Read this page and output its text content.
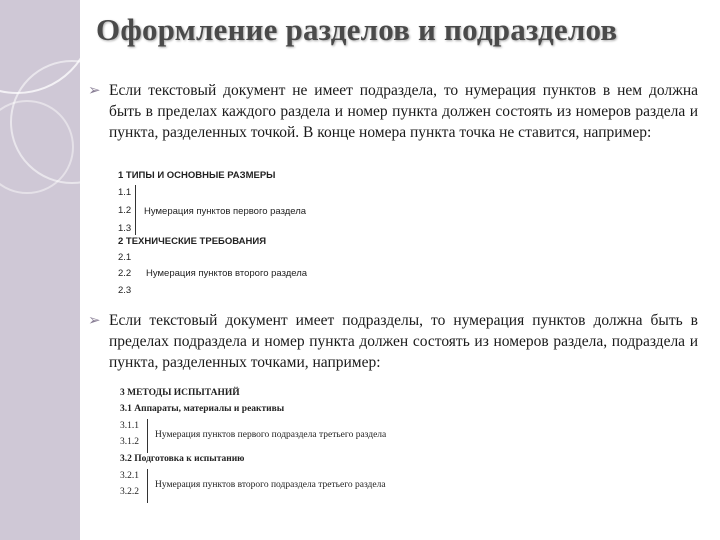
Оформление разделов и подразделов
➢ Если текстовый документ не имеет подраздела, то нумерация пунктов в нем должна быть в пределах каждого раздела и номер пункта должен состоять из номеров раздела и пункта, разделенных точкой. В конце номера пункта точка не ставится, например:
1 ТИПЫ И ОСНОВНЫЕ РАЗМЕРЫ
1.1
1.2
1.3
Нумерация пунктов первого раздела
2 ТЕХНИЧЕСКИЕ ТРЕБОВАНИЯ
2.1
2.2
2.3
Нумерация пунктов второго раздела
➢ Если текстовый документ имеет подразделы, то нумерация пунктов должна быть в пределах подраздела и номер пункта должен состоять из номеров раздела, подраздела и пункта, разделенных точками, например:
3 МЕТОДЫ ИСПЫТАНИЙ
3.1 Аппараты, материалы и реактивы
3.1.1
3.1.2
Нумерация пунктов первого подраздела третьего раздела
3.2 Подготовка к испытанию
3.2.1
3.2.2
Нумерация пунктов второго подраздела третьего раздела
